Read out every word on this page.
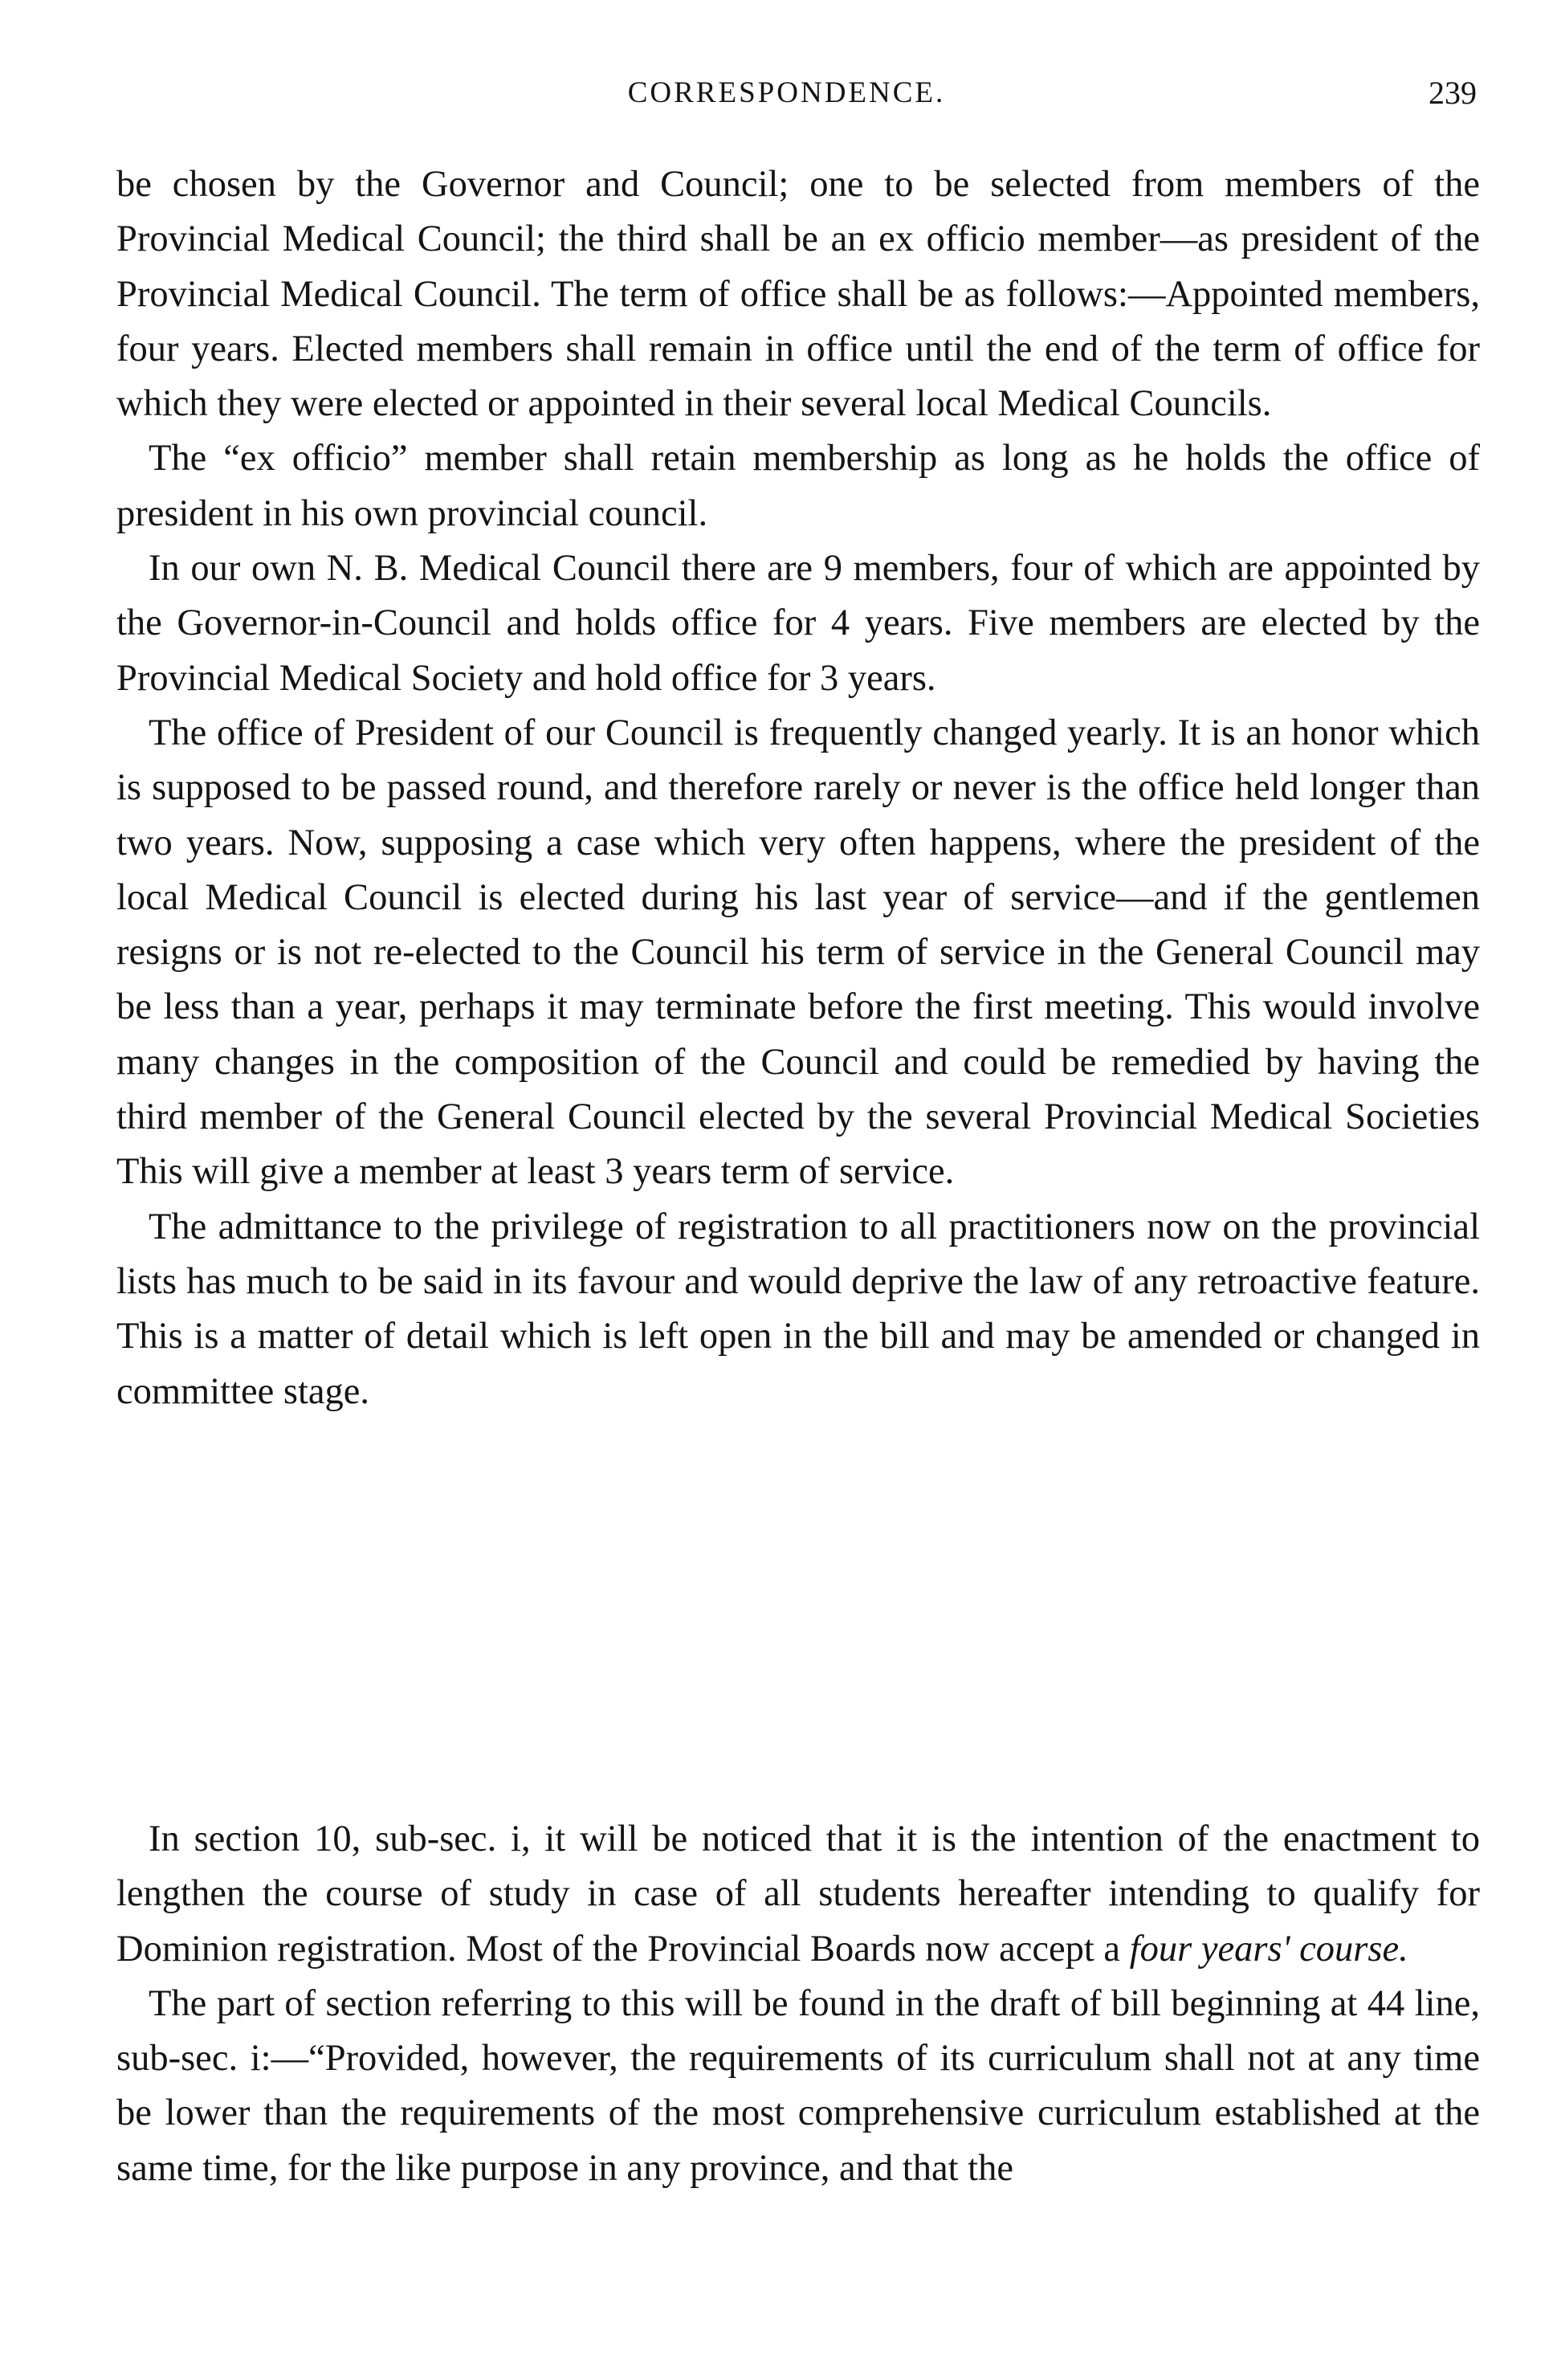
CORRESPONDENCE.	239

be chosen by the Governor and Council; one to be selected from members of the Provincial Medical Council; the third shall be an ex officio member—as president of the Provincial Medical Council. The term of office shall be as follows:—Appointed members, four years. Elected members shall remain in office until the end of the term of office for which they were elected or appointed in their several local Medical Councils.

The “ex officio” member shall retain membership as long as he holds the office of president in his own provincial council.

In our own N. B. Medical Council there are 9 members, four of which are appointed by the Governor-in-Council and holds office for 4 years. Five members are elected by the Provincial Medical Society and hold office for 3 years.

The office of President of our Council is frequently changed yearly. It is an honor which is supposed to be passed round, and therefore rarely or never is the office held longer than two years. Now, supposing a case which very often happens, where the president of the local Medical Council is elected during his last year of service—and if the gentlemen resigns or is not re-elected to the Council his term of service in the General Council may be less than a year, perhaps it may terminate before the first meeting. This would involve many changes in the composition of the Council and could be remedied by having the third member of the General Council elected by the several Provincial Medical Societies This will give a member at least 3 years term of service.

The admittance to the privilege of registration to all practitioners now on the provincial lists has much to be said in its favour and would deprive the law of any retroactive feature. This is a matter of detail which is left open in the bill and may be amended or changed in committee stage.

In section 10, sub-sec. i, it will be noticed that it is the intention of the enactment to lengthen the course of study in case of all students hereafter intending to qualify for Dominion registration. Most of the Provincial Boards now accept a four years' course.

The part of section referring to this will be found in the draft of bill beginning at 44 line, sub-sec. i:—“Provided, however, the requirements of its curriculum shall not at any time be lower than the requirements of the most comprehensive curriculum established at the same time, for the like purpose in any province, and that the
